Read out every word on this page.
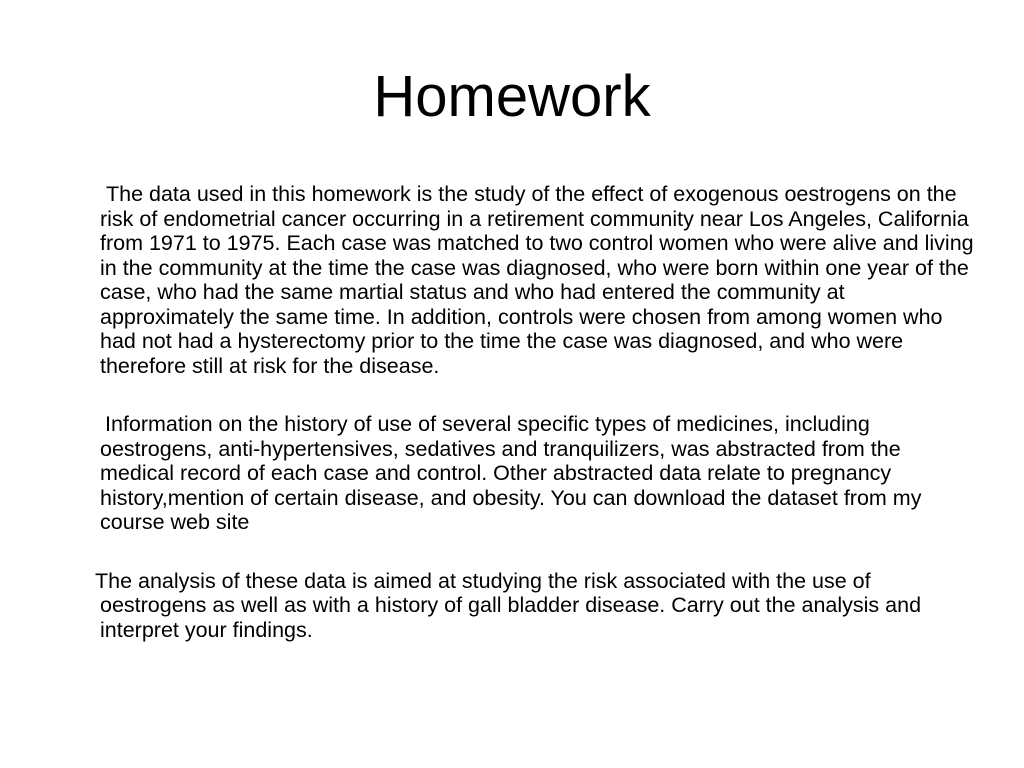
Homework

The data used in this homework is the study of the effect of exogenous oestrogens on the risk of endometrial cancer occurring in a retirement community near Los Angeles, California from 1971 to 1975. Each case was matched to two control women who were alive and living in the community at the time the case was diagnosed, who were born within one year of the case, who had the same martial status and who had entered the community at approximately the same time. In addition, controls were chosen from among women who had not had a hysterectomy prior to the time the case was diagnosed, and who were therefore still at risk for the disease.

Information on the history of use of several specific types of medicines, including oestrogens, anti-hypertensives, sedatives and tranquilizers, was abstracted from the medical record of each case and control. Other abstracted data relate to pregnancy history,mention of certain disease, and obesity. You can download the dataset from my course web site

The analysis of these data is aimed at studying the risk associated with the use of oestrogens as well as with a history of gall bladder disease. Carry out the analysis and interpret your findings.
